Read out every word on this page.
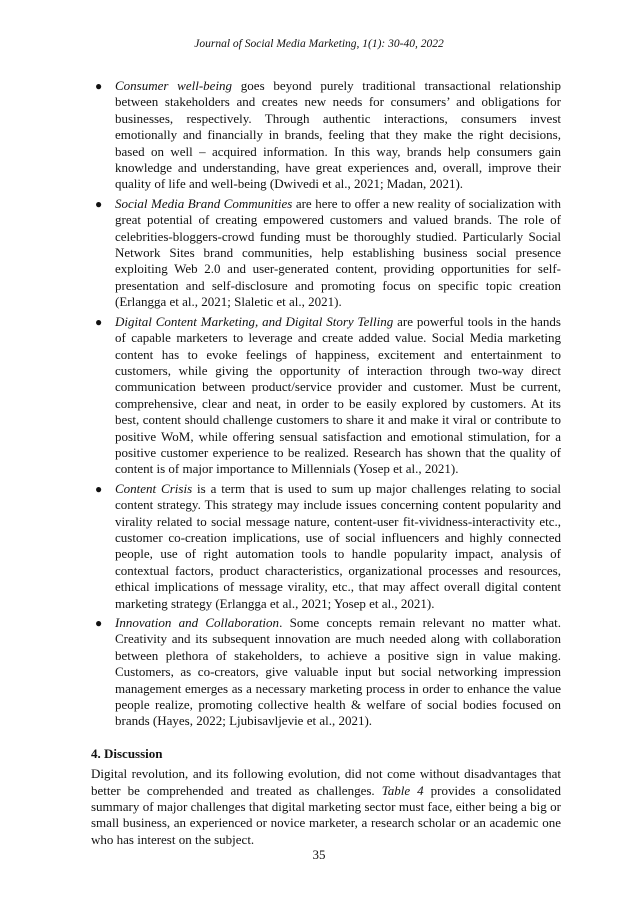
Journal of Social Media Marketing, 1(1): 30-40, 2022
● Consumer well-being goes beyond purely traditional transactional relationship between stakeholders and creates new needs for consumers’ and obligations for businesses, respectively. Through authentic interactions, consumers invest emotionally and financially in brands, feeling that they make the right decisions, based on well – acquired information. In this way, brands help consumers gain knowledge and understanding, have great experiences and, overall, improve their quality of life and well-being (Dwivedi et al., 2021; Madan, 2021).
● Social Media Brand Communities are here to offer a new reality of socialization with great potential of creating empowered customers and valued brands. The role of celebrities-bloggers-crowd funding must be thoroughly studied. Particularly Social Network Sites brand communities, help establishing business social presence exploiting Web 2.0 and user-generated content, providing opportunities for self-presentation and self-disclosure and promoting focus on specific topic creation (Erlangga et al., 2021; Slaletic et al., 2021).
● Digital Content Marketing, and Digital Story Telling are powerful tools in the hands of capable marketers to leverage and create added value. Social Media marketing content has to evoke feelings of happiness, excitement and entertainment to customers, while giving the opportunity of interaction through two-way direct communication between product/service provider and customer. Must be current, comprehensive, clear and neat, in order to be easily explored by customers. At its best, content should challenge customers to share it and make it viral or contribute to positive WoM, while offering sensual satisfaction and emotional stimulation, for a positive customer experience to be realized. Research has shown that the quality of content is of major importance to Millennials (Yosep et al., 2021).
● Content Crisis is a term that is used to sum up major challenges relating to social content strategy. This strategy may include issues concerning content popularity and virality related to social message nature, content-user fit-vividness-interactivity etc., customer co-creation implications, use of social influencers and highly connected people, use of right automation tools to handle popularity impact, analysis of contextual factors, product characteristics, organizational processes and resources, ethical implications of message virality, etc., that may affect overall digital content marketing strategy (Erlangga et al., 2021; Yosep et al., 2021).
● Innovation and Collaboration. Some concepts remain relevant no matter what. Creativity and its subsequent innovation are much needed along with collaboration between plethora of stakeholders, to achieve a positive sign in value making. Customers, as co-creators, give valuable input but social networking impression management emerges as a necessary marketing process in order to enhance the value people realize, promoting collective health & welfare of social bodies focused on brands (Hayes, 2022; Ljubisavljevie et al., 2021).
4. Discussion

Digital revolution, and its following evolution, did not come without disadvantages that better be comprehended and treated as challenges. Table 4 provides a consolidated summary of major challenges that digital marketing sector must face, either being a big or small business, an experienced or novice marketer, a research scholar or an academic one who has interest on the subject.

35
